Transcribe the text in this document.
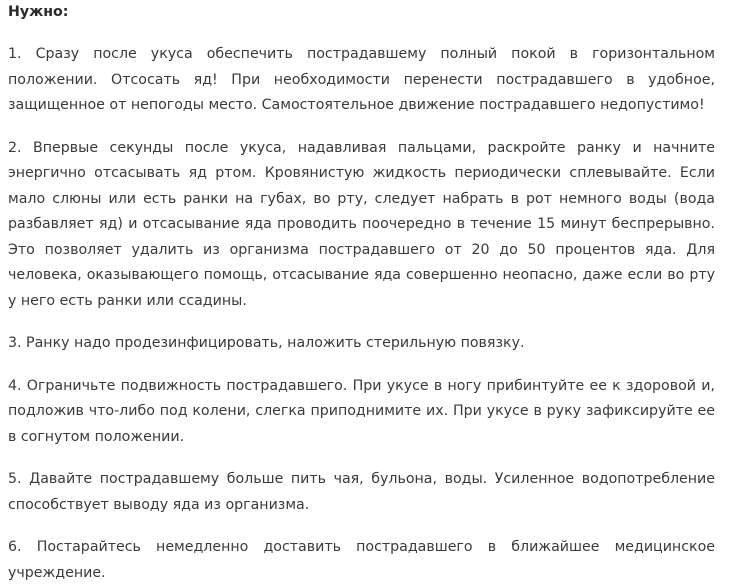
Нужно:

1. Сразу после укуса обеспечить пострадавшему полный покой в горизонтальном положении. Отсосать яд! При необходимости перенести пострадавшего в удобное, защищенное от непогоды место. Самостоятельное движение пострадавшего недопустимо!

2. Впервые секунды после укуса, надавливая пальцами, раскройте ранку и начните энергично отсасывать яд ртом. Кровянистую жидкость периодически сплевывайте. Если мало слюны или есть ранки на губах, во рту, следует набрать в рот немного воды (вода разбавляет яд) и отсасывание яда проводить поочередно в течение 15 минут беспрерывно. Это позволяет удалить из организма пострадавшего от 20 до 50 процентов яда. Для человека, оказывающего помощь, отсасывание яда совершенно неопасно, даже если во рту у него есть ранки или ссадины.

3. Ранку надо продезинфицировать, наложить стерильную повязку.

4. Ограничьте подвижность пострадавшего. При укусе в ногу прибинтуйте ее к здоровой и, подложив что-либо под колени, слегка приподнимите их. При укусе в руку зафиксируйте ее в согнутом положении.

5. Давайте пострадавшему больше пить чая, бульона, воды. Усиленное водопотребление способствует выводу яда из организма.

6. Постарайтесь немедленно доставить пострадавшего в ближайшее медицинское учреждение.
